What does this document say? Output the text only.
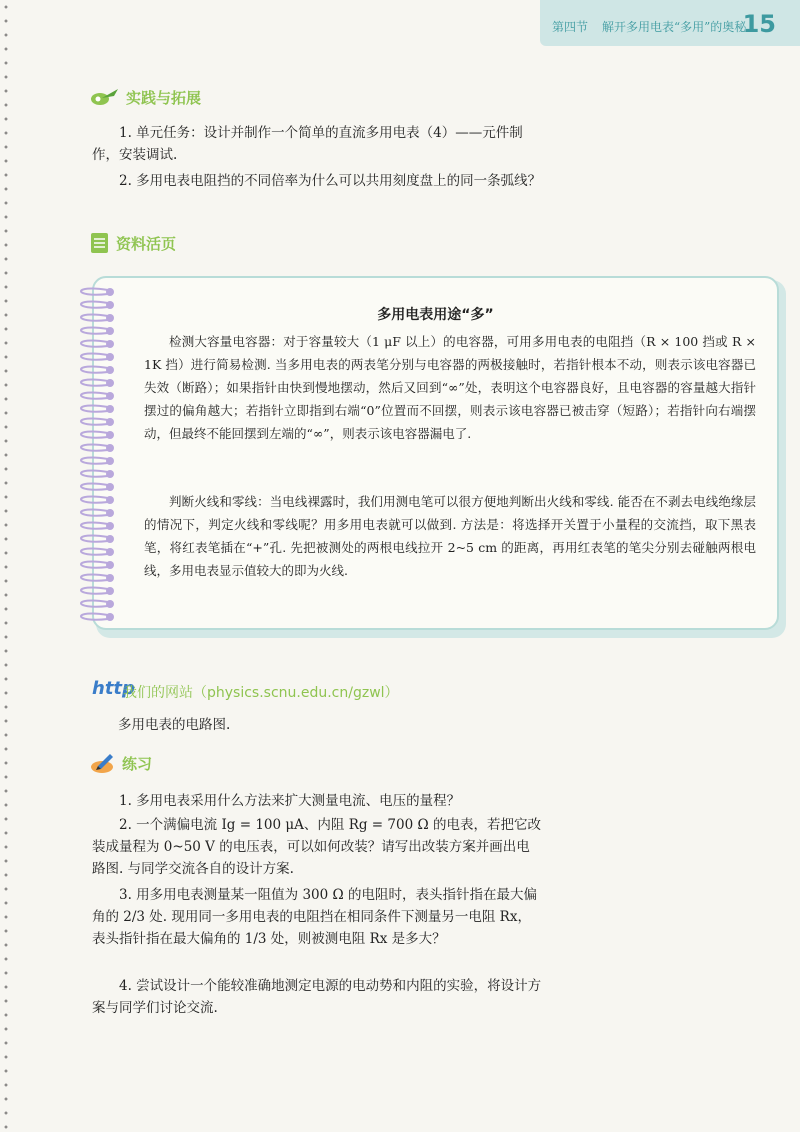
第四节 解开多用电表“多用”的奥秘
15
实践与拓展

1. 单元任务：设计并制作一个简单的直流多用电表（4）——元件制作，安装调试.

2. 多用电表电阻挡的不同倍率为什么可以共用刻度盘上的同一条弧线？

资料活页
多用电表用途“多”

检测大容量电容器：对于容量较大（1 μF 以上）的电容器，可用多用电表的电阻挡（R × 100 挡或 R × 1K 挡）进行简易检测. 当多用电表的两表笔分别与电容器的两极接触时，若指针根本不动，则表示该电容器已失效（断路）；如果指针由快到慢地摆动，然后又回到“∞”处，表明这个电容器良好，且电容器的容量越大指针摆过的偏角越大；若指针立即指到右端“0”位置而不回摆，则表示该电容器已被击穿（短路）；若指针向右端摆动，但最终不能回摆到左端的“∞”，则表示该电容器漏电了.

判断火线和零线：当电线裸露时，我们用测电笔可以很方便地判断出火线和零线. 能否在不剥去电线绝缘层的情况下，判定火线和零线呢？用多用电表就可以做到. 方法是：将选择开关置于小量程的交流挡，取下黑表笔，将红表笔插在“+”孔. 先把被测处的两根电线拉开 2~5 cm 的距离，再用红表笔的笔尖分别去碰触两根电线，多用电表显示值较大的即为火线.

http
我们的网站（physics.scnu.edu.cn/gzwl）

多用电表的电路图.

练习

1. 多用电表采用什么方法来扩大测量电流、电压的量程？

2. 一个满偏电流 Ig = 100 μA、内阻 Rg = 700 Ω 的电表，若把它改装成量程为 0~50 V 的电压表，可以如何改装？请写出改装方案并画出电路图. 与同学交流各自的设计方案.

3. 用多用电表测量某一阻值为 300 Ω 的电阻时，表头指针指在最大偏角的 2/3 处. 现用同一多用电表的电阻挡在相同条件下测量另一电阻 Rx，表头指针指在最大偏角的 1/3 处，则被测电阻 Rx 是多大？

4. 尝试设计一个能较准确地测定电源的电动势和内阻的实验，将设计方案与同学们讨论交流.
